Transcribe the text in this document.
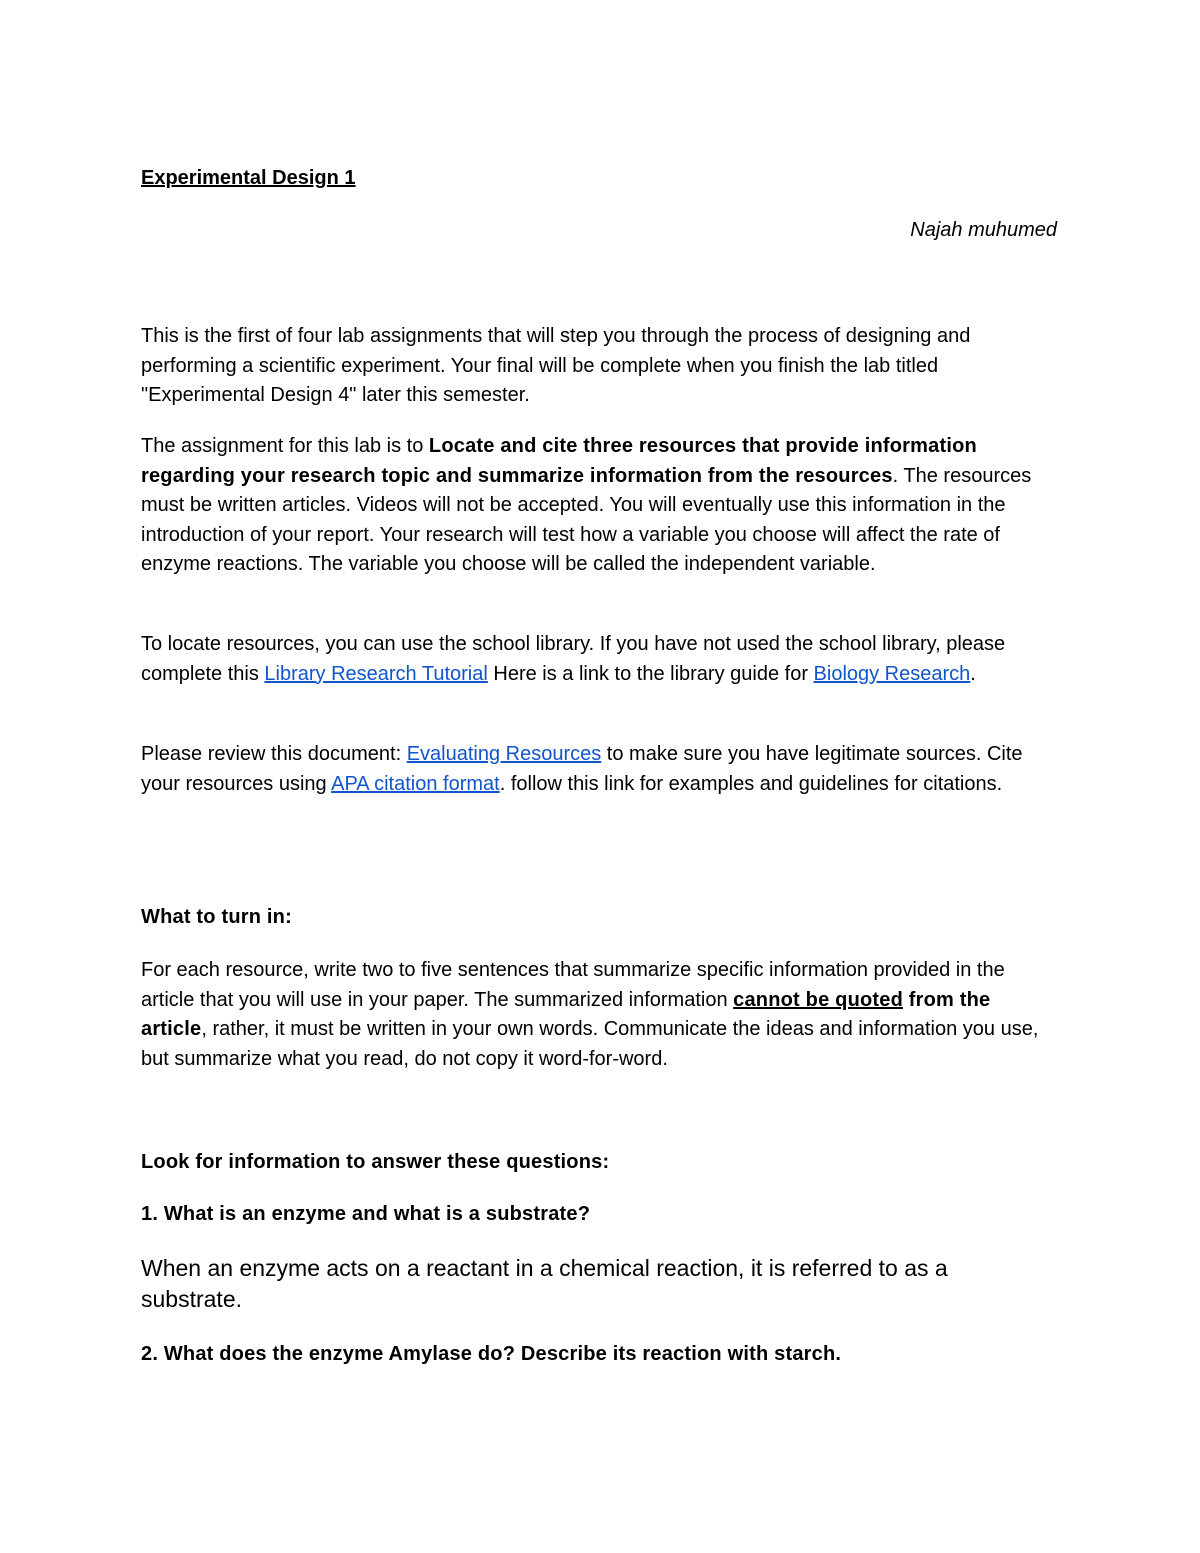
Experimental Design 1

Najah muhumed

This is the first of four lab assignments that will step you through the process of designing and performing a scientific experiment. Your final will be complete when you finish the lab titled "Experimental Design 4" later this semester.

The assignment for this lab is to Locate and cite three resources that provide information regarding your research topic and summarize information from the resources. The resources must be written articles. Videos will not be accepted. You will eventually use this information in the introduction of your report. Your research will test how a variable you choose will affect the rate of enzyme reactions. The variable you choose will be called the independent variable.

To locate resources, you can use the school library. If you have not used the school library, please complete this Library Research Tutorial Here is a link to the library guide for Biology Research.

Please review this document: Evaluating Resources to make sure you have legitimate sources. Cite your resources using APA citation format. follow this link for examples and guidelines for citations.

What to turn in:

For each resource, write two to five sentences that summarize specific information provided in the article that you will use in your paper. The summarized information cannot be quoted from the article, rather, it must be written in your own words. Communicate the ideas and information you use, but summarize what you read, do not copy it word-for-word.

Look for information to answer these questions:

1. What is an enzyme and what is a substrate?

When an enzyme acts on a reactant in a chemical reaction, it is referred to as a substrate.

2. What does the enzyme Amylase do? Describe its reaction with starch.
